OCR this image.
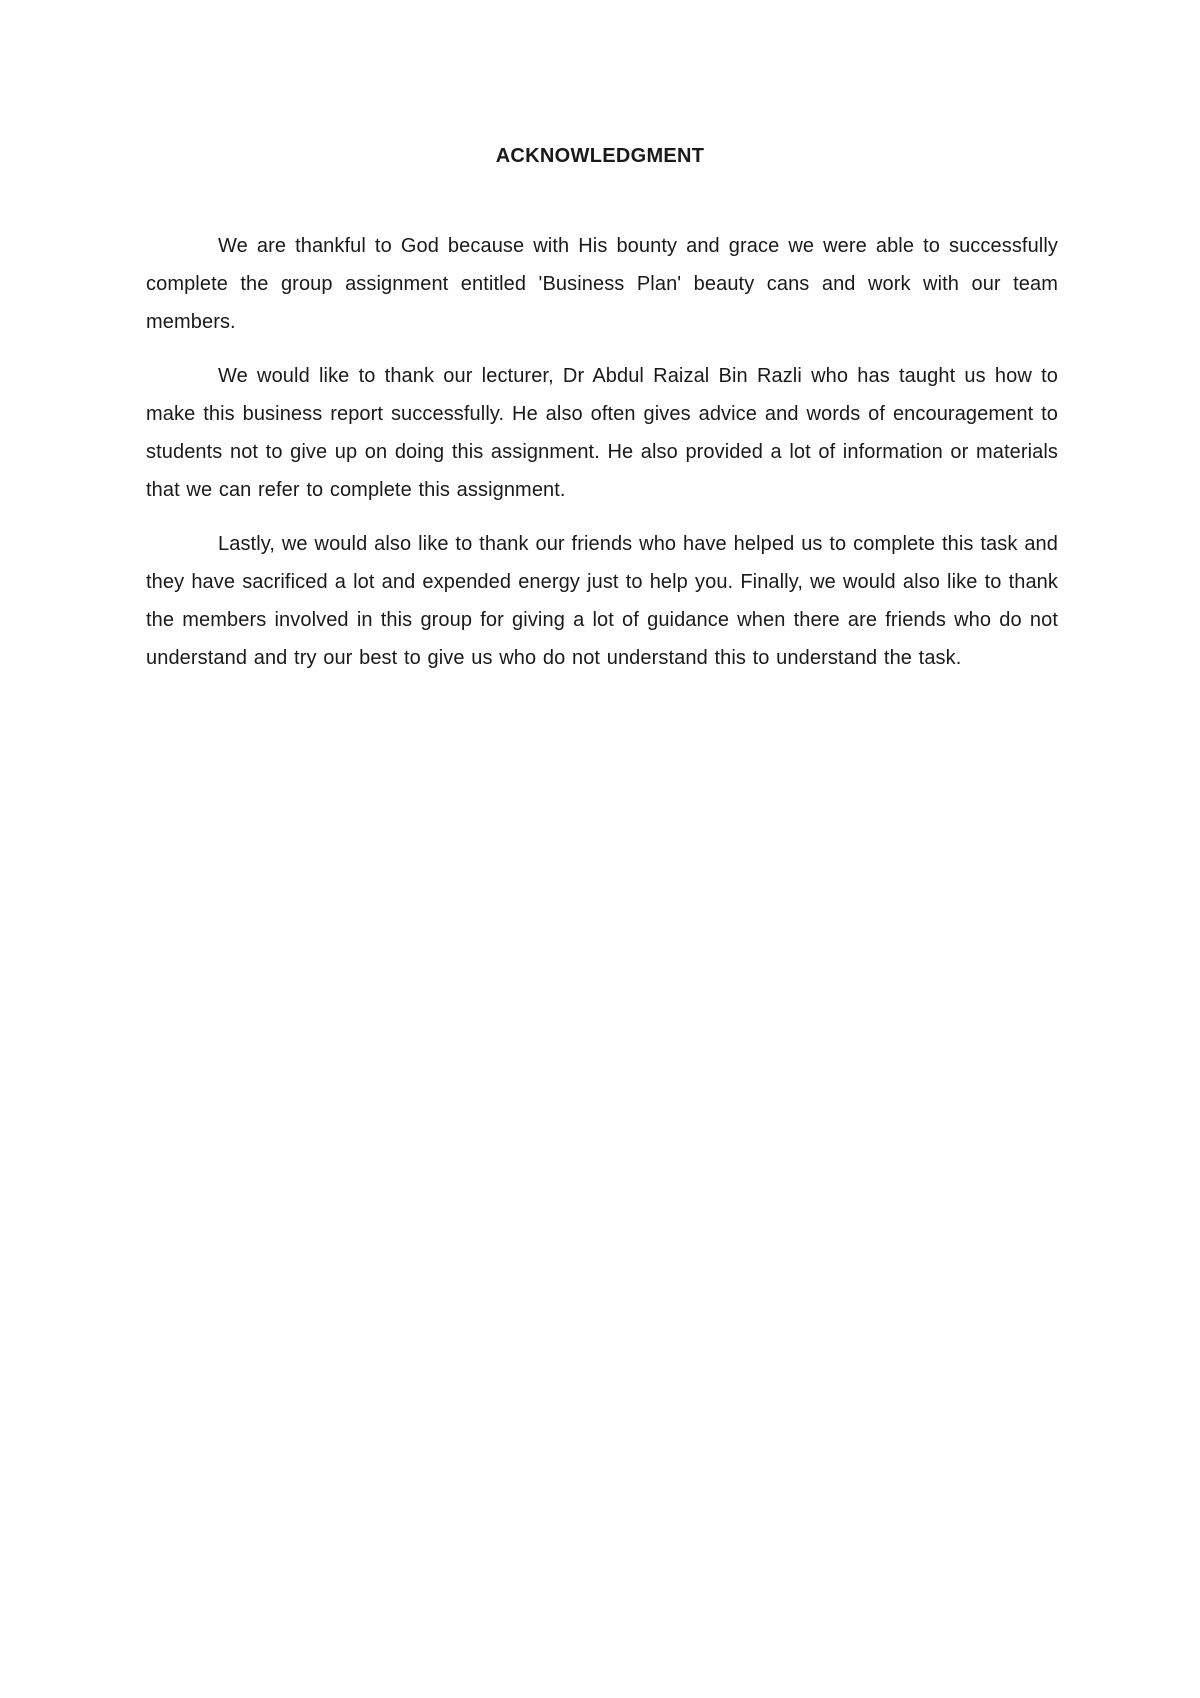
ACKNOWLEDGMENT

We are thankful to God because with His bounty and grace we were able to successfully complete the group assignment entitled 'Business Plan' beauty cans and work with our team members.

We would like to thank our lecturer, Dr Abdul Raizal Bin Razli who has taught us how to make this business report successfully. He also often gives advice and words of encouragement to students not to give up on doing this assignment. He also provided a lot of information or materials that we can refer to complete this assignment.

Lastly, we would also like to thank our friends who have helped us to complete this task and they have sacrificed a lot and expended energy just to help you. Finally, we would also like to thank the members involved in this group for giving a lot of guidance when there are friends who do not understand and try our best to give us who do not understand this to understand the task.
